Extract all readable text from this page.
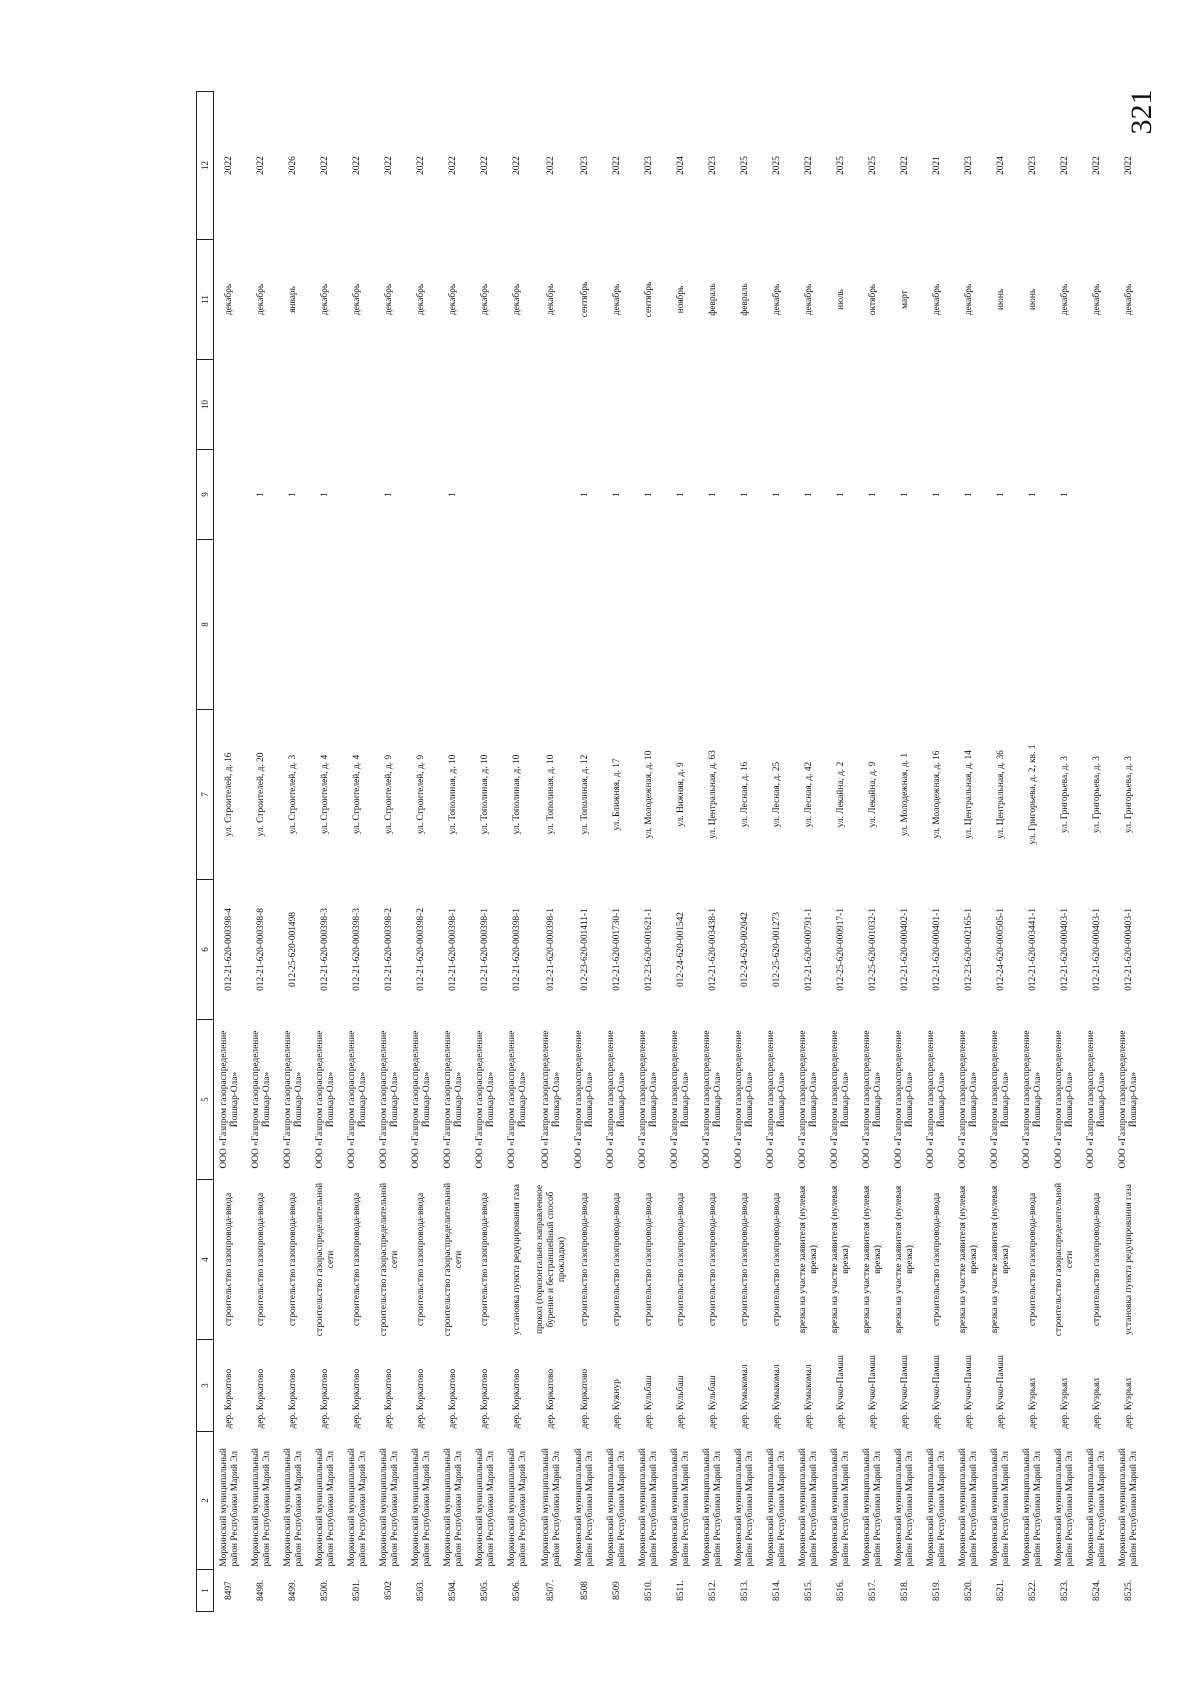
321
1	2	3	4	5	6	7	8	9	10	11	12
8497	Моркинский муниципальный район Республики Марий Эл	дер. Коркатово	строительство газопровода-ввода	ООО «Газпром газораспределение Йошкар-Ола»	012-21-620-000398-4	ул. Строителей, д. 16				декабрь	2022
8498.	Моркинский муниципальный район Республики Марий Эл	дер. Коркатово	строительство газопровода-ввода	ООО «Газпром газораспределение Йошкар-Ола»	012-21-620-000398-8	ул. Строителей, д. 20		1		декабрь	2022
8499.	Моркинский муниципальный район Республики Марий Эл	дер. Коркатово	строительство газопровода-ввода	ООО «Газпром газораспределение Йошкар-Ола»	012-25-620-001498	ул. Строителей, д. 3		1		январь	2026
8500.	Моркинский муниципальный район Республики Марий Эл	дер. Коркатово	строительство газораспределительной сети	ООО «Газпром газораспределение Йошкар-Ола»	012-21-620-000398-3	ул. Строителей, д. 4		1		декабрь	2022
8501.	Моркинский муниципальный район Республики Марий Эл	дер. Коркатово	строительство газопровода-ввода	ООО «Газпром газораспределение Йошкар-Ола»	012-21-620-000398-3	ул. Строителей, д. 4				декабрь	2022
8502	Моркинский муниципальный район Республики Марий Эл	дер. Коркатово	строительство газораспределительной сети	ООО «Газпром газораспределение Йошкар-Ола»	012-21-620-000398-2	ул. Строителей, д. 9		1		декабрь	2022
8503.	Моркинский муниципальный район Республики Марий Эл	дер. Коркатово	строительство газопровода-ввода	ООО «Газпром газораспределение Йошкар-Ола»	012-21-620-000398-2	ул. Строителей, д. 9				декабрь	2022
8504.	Моркинский муниципальный район Республики Марий Эл	дер. Коркатово	строительство газораспределительной сети	ООО «Газпром газораспределение Йошкар-Ола»	012-21-620-000398-1	ул. Тополиная, д. 10		1		декабрь	2022
8505.	Моркинский муниципальный район Республики Марий Эл	дер. Коркатово	строительство газопровода-ввода	ООО «Газпром газораспределение Йошкар-Ола»	012-21-620-000398-1	ул. Тополиная, д. 10				декабрь	2022
8506.	Моркинский муниципальный район Республики Марий Эл	дер. Коркатово	установка пункта редуцирования газа	ООО «Газпром газораспределение Йошкар-Ола»	012-21-620-000398-1	ул. Тополиная, д. 10				декабрь	2022
8507.	Моркинский муниципальный район Республики Марий Эл	дер. Коркатово	прокол (горизонтально направленное бурение и бестраншейный способ прокладки)	ООО «Газпром газораспределение Йошкар-Ола»	012-21-620-000398-1	ул. Тополиная, д. 10				декабрь	2022
8508	Моркинский муниципальный район Республики Марий Эл	дер. Коркатово	строительство газопровода-ввода	ООО «Газпром газораспределение Йошкар-Ола»	012-23-620-001411-1	ул. Тополиная, д. 12		1		сентябрь	2023
8509	Моркинский муниципальный район Республики Марий Эл	дер. Кужнур	строительство газопровода-ввода	ООО «Газпром газораспределение Йошкар-Ола»	012-21-620-001730-1	ул. Ближняя, д. 17		1		декабрь	2022
8510.	Моркинский муниципальный район Республики Марий Эл	дер. Кульбаш	строительство газопровода-ввода	ООО «Газпром газораспределение Йошкар-Ола»	012-23-620-001621-1	ул. Молодежная, д. 10		1		сентябрь	2023
8511.	Моркинский муниципальный район Республики Марий Эл	дер. Кульбаш	строительство газопровода-ввода	ООО «Газпром газораспределение Йошкар-Ола»	012-24-620-001542	ул. Нижняя, д. 9		1		ноябрь	2024
8512.	Моркинский муниципальный район Республики Марий Эл	дер. Кульбаш	строительство газопровода-ввода	ООО «Газпром газораспределение Йошкар-Ола»	012-21-620-003438-1	ул. Центральная, д. 63		1		февраль	2023
8513.	Моркинский муниципальный район Республики Марий Эл	дер. Кумыкомал	строительство газопровода-ввода	ООО «Газпром газораспределение Йошкар-Ола»	012-24-620-002042	ул. Лесная, д. 16		1		февраль	2025
8514.	Моркинский муниципальный район Республики Марий Эл	дер. Кумыкомал	строительство газопровода-ввода	ООО «Газпром газораспределение Йошкар-Ола»	012-25-620-001273	ул. Лесная, д. 25		1		декабрь	2025
8515.	Моркинский муниципальный район Республики Марий Эл	дер. Кумыкомал	врезка на участке заявителя (нулевая врезка)	ООО «Газпром газораспределение Йошкар-Ола»	012-21-620-000791-1	ул. Лесная, д. 42		1		декабрь	2022
8516.	Моркинский муниципальный район Республики Марий Эл	дер. Кучко-Памаш	врезка на участке заявителя (нулевая врезка)	ООО «Газпром газораспределение Йошкар-Ола»	012-25-620-000917-1	ул. Лекайна, д. 2		1		июль	2025
8517.	Моркинский муниципальный район Республики Марий Эл	дер. Кучко-Памаш	врезка на участке заявителя (нулевая врезка)	ООО «Газпром газораспределение Йошкар-Ола»	012-25-620-001032-1	ул. Лекайна, д. 9		1		октябрь	2025
8518.	Моркинский муниципальный район Республики Марий Эл	дер. Кучко-Памаш	врезка на участке заявителя (нулевая врезка)	ООО «Газпром газораспределение Йошкар-Ола»	012-21-620-000402-1	ул. Молодежная, д. 1		1		март	2022
8519.	Моркинский муниципальный район Республики Марий Эл	дер. Кучко-Памаш	строительство газопровода-ввода	ООО «Газпром газораспределение Йошкар-Ола»	012-21-620-000401-1	ул. Молодежная, д. 16		1		декабрь	2021
8520.	Моркинский муниципальный район Республики Марий Эл	дер. Кучко-Памаш	врезка на участке заявителя (нулевая врезка)	ООО «Газпром газораспределение Йошкар-Ола»	012-23-620-002165-1	ул. Центральная, д. 14		1		декабрь	2023
8521.	Моркинский муниципальный район Республики Марий Эл	дер. Кучко-Памаш	врезка на участке заявителя (нулевая врезка)	ООО «Газпром газораспределение Йошкар-Ола»	012-24-620-000505-1	ул. Центральная, д. 36		1		июнь	2024
8522.	Моркинский муниципальный район Республики Марий Эл	дер. Куэрьял	строительство газопровода-ввода	ООО «Газпром газораспределение Йошкар-Ола»	012-21-620-003441-1	ул. Григорьева, д. 2, кв. 1		1		июнь	2023
8523.	Моркинский муниципальный район Республики Марий Эл	дер. Куэрьял	строительство газораспределительной сети	ООО «Газпром газораспределение Йошкар-Ола»	012-21-620-000403-1	ул. Григорьева, д. 3		1		декабрь	2022
8524.	Моркинский муниципальный район Республики Марий Эл	дер. Куэрьял	строительство газопровода-ввода	ООО «Газпром газораспределение Йошкар-Ола»	012-21-620-000403-1	ул. Григорьева, д. 3				декабрь	2022
8525.	Моркинский муниципальный район Республики Марий Эл	дер. Куэрьял	установка пункта редуцирования газа	ООО «Газпром газораспределение Йошкар-Ола»	012-21-620-000403-1	ул. Григорьева, д. 3				декабрь	2022
